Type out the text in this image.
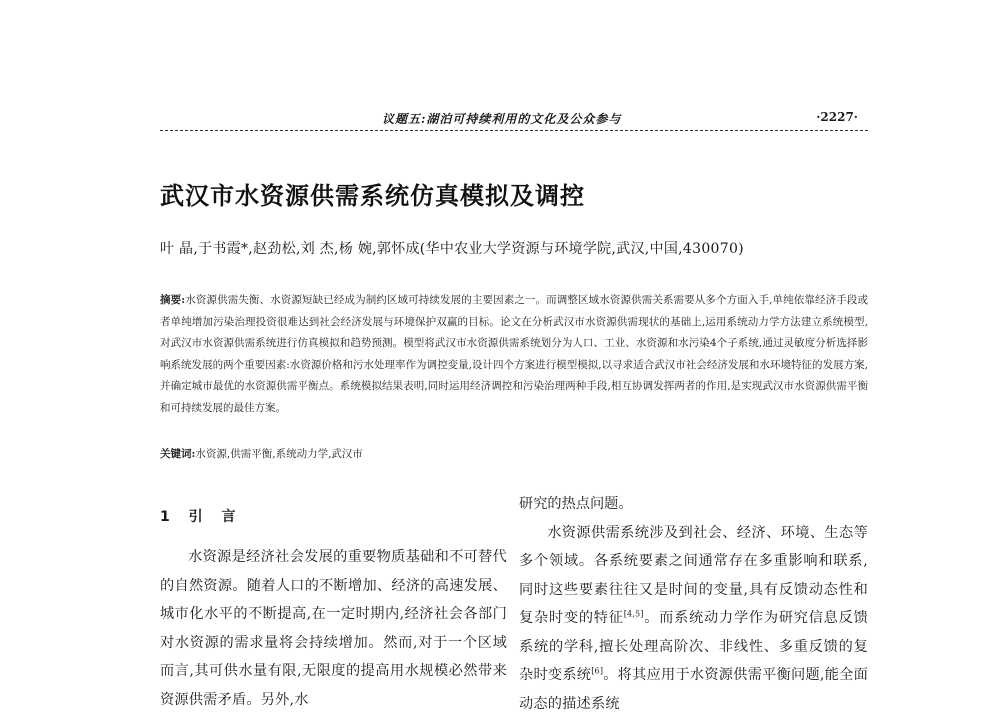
议题五:湖泊可持续利用的文化及公众参与	·2227·
武汉市水资源供需系统仿真模拟及调控
叶 晶,于书霞*,赵劲松,刘 杰,杨 婉,郭怀成(华中农业大学资源与环境学院,武汉,中国,430070)
摘要:水资源供需失衡、水资源短缺已经成为制约区域可持续发展的主要因素之一。而调整区域水资源供需关系需要从多个方面入手,单纯依靠经济手段或者单纯增加污染治理投资很难达到社会经济发展与环境保护双赢的目标。论文在分析武汉市水资源供需现状的基础上,运用系统动力学方法建立系统模型,对武汉市水资源供需系统进行仿真模拟和趋势预测。模型将武汉市水资源供需系统划分为人口、工业、水资源和水污染4个子系统,通过灵敏度分析选择影响系统发展的两个重要因素:水资源价格和污水处理率作为调控变量,设计四个方案进行模型模拟,以寻求适合武汉市社会经济发展和水环境特征的发展方案,并确定城市最优的水资源供需平衡点。系统模拟结果表明,同时运用经济调控和污染治理两种手段,相互协调发挥两者的作用,是实现武汉市水资源供需平衡和可持续发展的最佳方案。
关键词:水资源,供需平衡,系统动力学,武汉市
1 引 言

水资源是经济社会发展的重要物质基础和不可替代的自然资源。随着人口的不断增加、经济的高速发展、城市化水平的不断提高,在一定时期内,经济社会各部门对水资源的需求量将会持续增加。然而,对于一个区域而言,其可供水量有限,无限度的提高用水规模必然带来资源供需矛盾。另外,水

研究的热点问题。

水资源供需系统涉及到社会、经济、环境、生态等多个领域。各系统要素之间通常存在多重影响和联系,同时这些要素往往又是时间的变量,具有反馈动态性和复杂时变的特征[4,5]。而系统动力学作为研究信息反馈系统的学科,擅长处理高阶次、非线性、多重反馈的复杂时变系统[6]。将其应用于水资源供需平衡问题,能全面动态的描述系统
